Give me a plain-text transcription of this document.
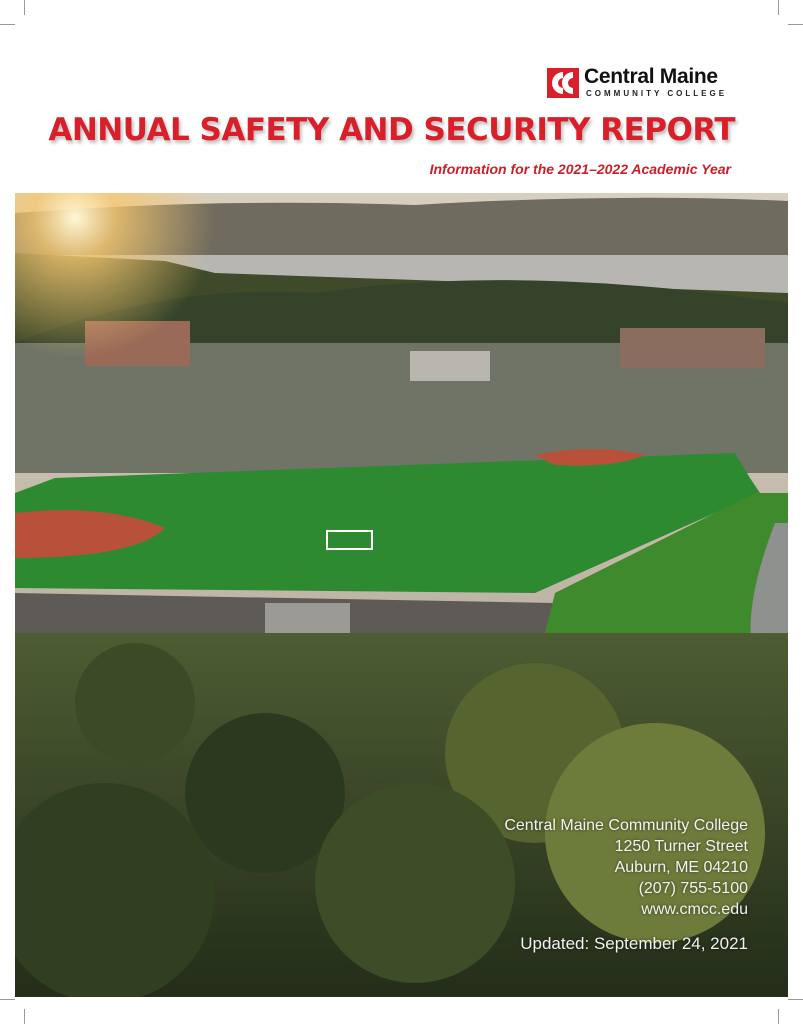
Central Maine
COMMUNITY COLLEGE
ANNUAL SAFETY AND SECURITY REPORT
Information for the 2021–2022 Academic Year
Central Maine Community College
1250 Turner Street
Auburn, ME 04210
(207) 755-5100
www.cmcc.edu
Updated: September 24, 2021
